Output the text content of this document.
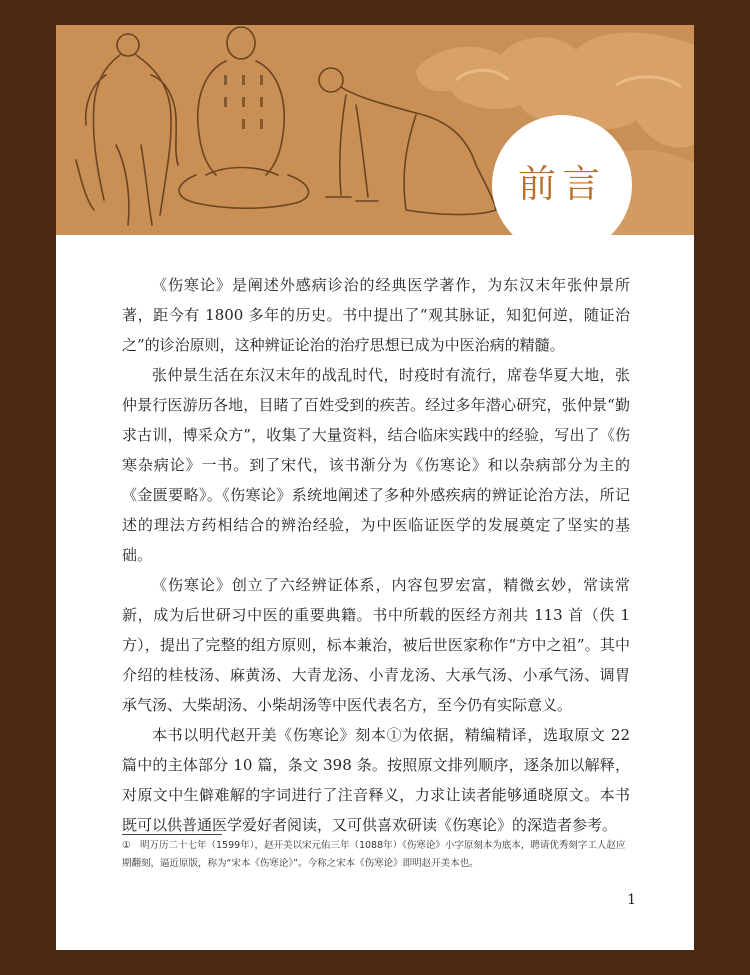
前言

《伤寒论》是阐述外感病诊治的经典医学著作，为东汉末年张仲景所著，距今有 1800 多年的历史。书中提出了“观其脉证，知犯何逆，随证治之”的诊治原则，这种辨证论治的治疗思想已成为中医治病的精髓。

张仲景生活在东汉末年的战乱时代，时疫时有流行，席卷华夏大地，张仲景行医游历各地，目睹了百姓受到的疾苦。经过多年潜心研究，张仲景“勤求古训，博采众方”，收集了大量资料，结合临床实践中的经验，写出了《伤寒杂病论》一书。到了宋代，该书渐分为《伤寒论》和以杂病部分为主的《金匮要略》。《伤寒论》系统地阐述了多种外感疾病的辨证论治方法，所记述的理法方药相结合的辨治经验，为中医临证医学的发展奠定了坚实的基础。

《伤寒论》创立了六经辨证体系，内容包罗宏富，精微玄妙，常读常新，成为后世研习中医的重要典籍。书中所载的医经方剂共 113 首（佚 1 方），提出了完整的组方原则，标本兼治，被后世医家称作“方中之祖”。其中介绍的桂枝汤、麻黄汤、大青龙汤、小青龙汤、大承气汤、小承气汤、调胃承气汤、大柴胡汤、小柴胡汤等中医代表名方，至今仍有实际意义。

本书以明代赵开美《伤寒论》刻本①为依据，精编精译，选取原文 22 篇中的主体部分 10 篇，条文 398 条。按照原文排列顺序，逐条加以解释，对原文中生僻难解的字词进行了注音释义，力求让读者能够通晓原文。本书既可以供普通医学爱好者阅读，又可供喜欢研读《伤寒论》的深造者参考。

①　明万历二十七年（1599年），赵开美以宋元佑三年（1088年）《伤寒论》小字原刻本为底本，聘请优秀刻字工人赵应期翻刻，逼近原版，称为“宋本《伤寒论》”。今称之宋本《伤寒论》即明赵开美本也。

1
